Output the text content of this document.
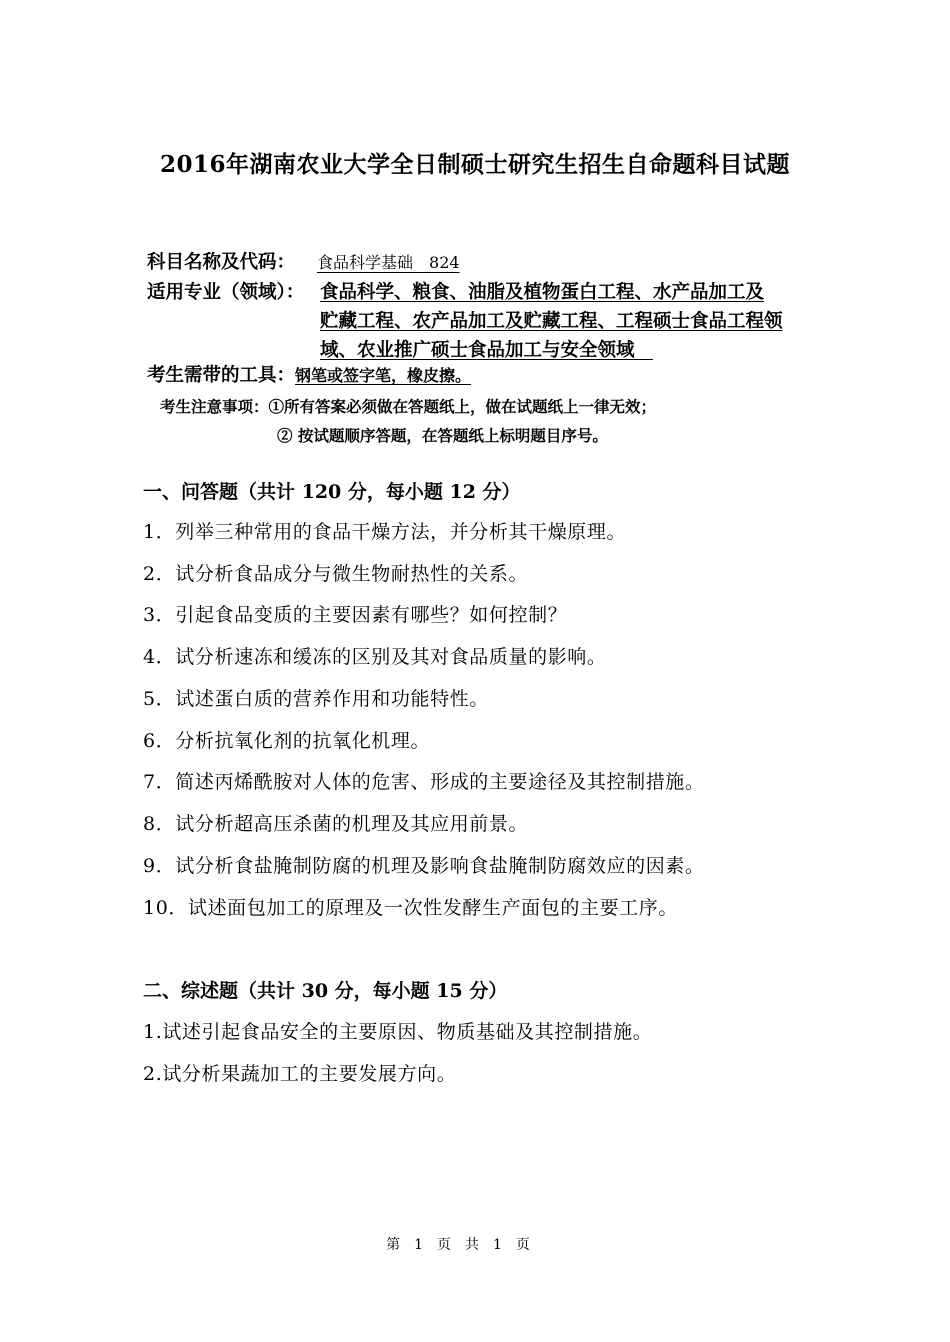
2016年湖南农业大学全日制硕士研究生招生自命题科目试题
科目名称及代码： 食品科学基础　824
适用专业（领域）： 食品科学、粮食、油脂及植物蛋白工程、水产品加工及
贮藏工程、农产品加工及贮藏工程、工程硕士食品工程领
域、农业推广硕士食品加工与安全领域　
考生需带的工具：钢笔或签字笔，橡皮擦。
考生注意事项：①所有答案必须做在答题纸上，做在试题纸上一律无效；
② 按试题顺序答题，在答题纸上标明题目序号。
一、问答题（共计 120 分，每小题 12 分）
1．列举三种常用的食品干燥方法，并分析其干燥原理。
2．试分析食品成分与微生物耐热性的关系。
3．引起食品变质的主要因素有哪些？如何控制？
4．试分析速冻和缓冻的区别及其对食品质量的影响。
5．试述蛋白质的营养作用和功能特性。
6．分析抗氧化剂的抗氧化机理。
7．简述丙烯酰胺对人体的危害、形成的主要途径及其控制措施。
8．试分析超高压杀菌的机理及其应用前景。
9．试分析食盐腌制防腐的机理及影响食盐腌制防腐效应的因素。
10．试述面包加工的原理及一次性发酵生产面包的主要工序。
二、综述题（共计 30 分，每小题 15 分）
1.试述引起食品安全的主要原因、物质基础及其控制措施。
2.试分析果蔬加工的主要发展方向。
第　1　页　共　1　页
